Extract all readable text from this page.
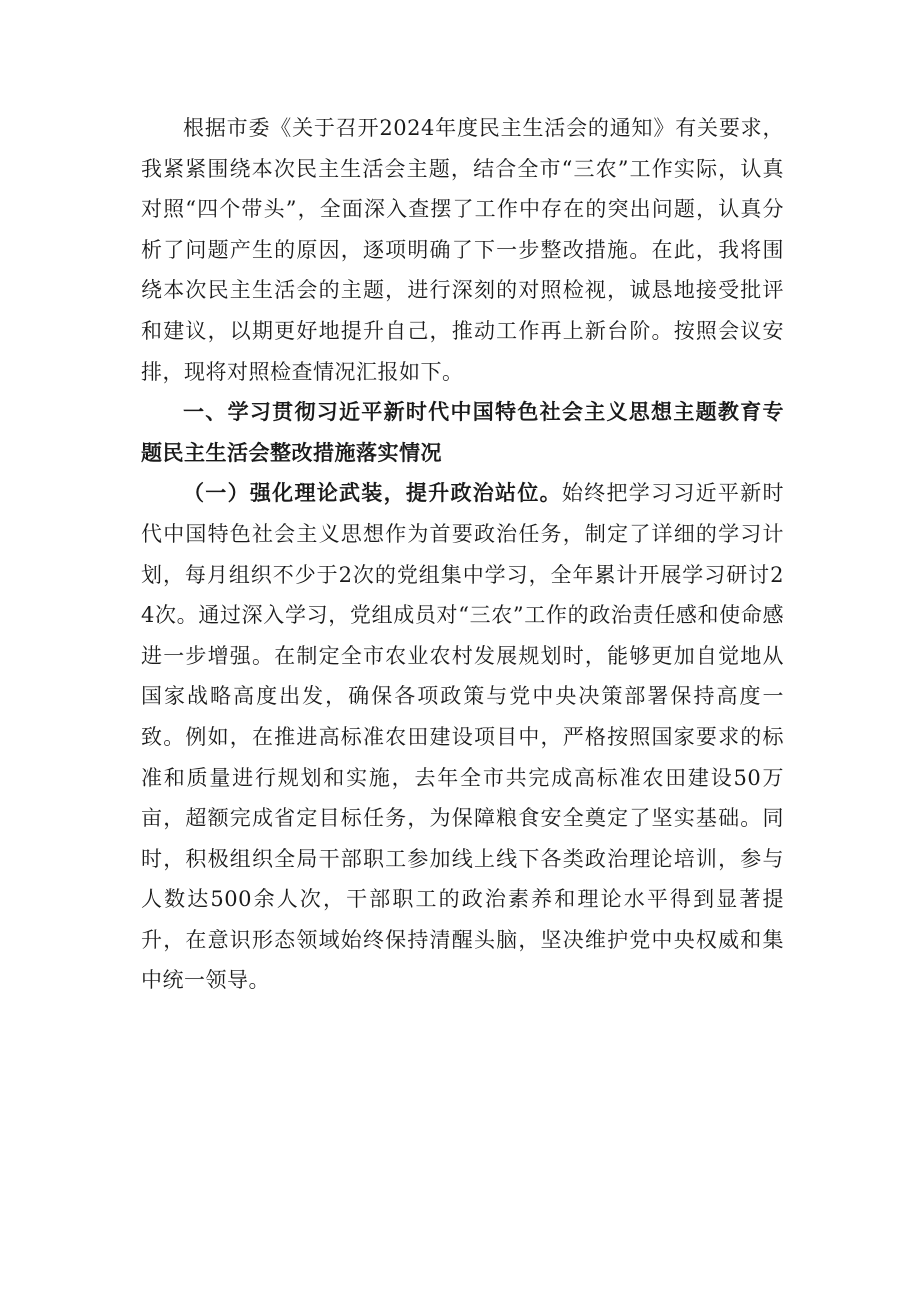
根据市委《关于召开2024年度民主生活会的通知》有关要求，我紧紧围绕本次民主生活会主题，结合全市“三农”工作实际，认真对照“四个带头”，全面深入查摆了工作中存在的突出问题，认真分析了问题产生的原因，逐项明确了下一步整改措施。在此，我将围绕本次民主生活会的主题，进行深刻的对照检视，诚恳地接受批评和建议，以期更好地提升自己，推动工作再上新台阶。按照会议安排，现将对照检查情况汇报如下。

一、学习贯彻习近平新时代中国特色社会主义思想主题教育专题民主生活会整改措施落实情况

（一）强化理论武装，提升政治站位。始终把学习习近平新时代中国特色社会主义思想作为首要政治任务，制定了详细的学习计划，每月组织不少于2次的党组集中学习，全年累计开展学习研讨24次。通过深入学习，党组成员对“三农”工作的政治责任感和使命感进一步增强。在制定全市农业农村发展规划时，能够更加自觉地从国家战略高度出发，确保各项政策与党中央决策部署保持高度一致。例如，在推进高标准农田建设项目中，严格按照国家要求的标准和质量进行规划和实施，去年全市共完成高标准农田建设50万亩，超额完成省定目标任务，为保障粮食安全奠定了坚实基础。同时，积极组织全局干部职工参加线上线下各类政治理论培训，参与人数达500余人次，干部职工的政治素养和理论水平得到显著提升，在意识形态领域始终保持清醒头脑，坚决维护党中央权威和集中统一领导。
